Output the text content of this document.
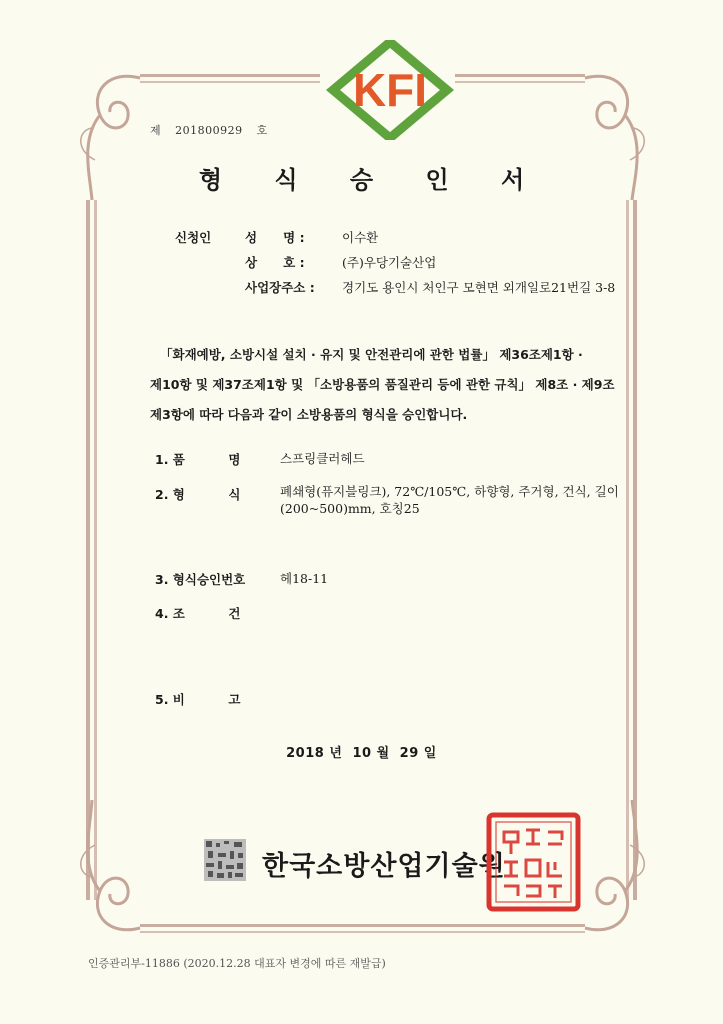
KFI
제 201800929 호
형 식 승 인 서
신청인	성      명 :	이수환
상      호 :	(주)우당기술산업
사업장주소 : 경기도 용인시 처인구 모현면 외개일로21번길 3-8
「화재예방, 소방시설 설치 · 유지 및 안전관리에 관한 법률」 제36조제1항 ·
제10항 및 제37조제1항 및 「소방용품의 품질관리 등에 관한 규칙」 제8조 · 제9조
제3항에 따라 다음과 같이 소방용품의 형식을 승인합니다.
1. 품          명	스프링클러헤드
2. 형          식	폐쇄형(퓨지블링크), 72℃/105℃, 하향형, 주거형, 건식, 길이(200~500)mm, 호칭25
3. 형식승인번호	헤18-11
4. 조          건
5. 비          고
2018 년  10 월  29 일
한국소방산업기술원
인증관리부-11886 (2020.12.28 대표자 변경에 따른 재발급)
